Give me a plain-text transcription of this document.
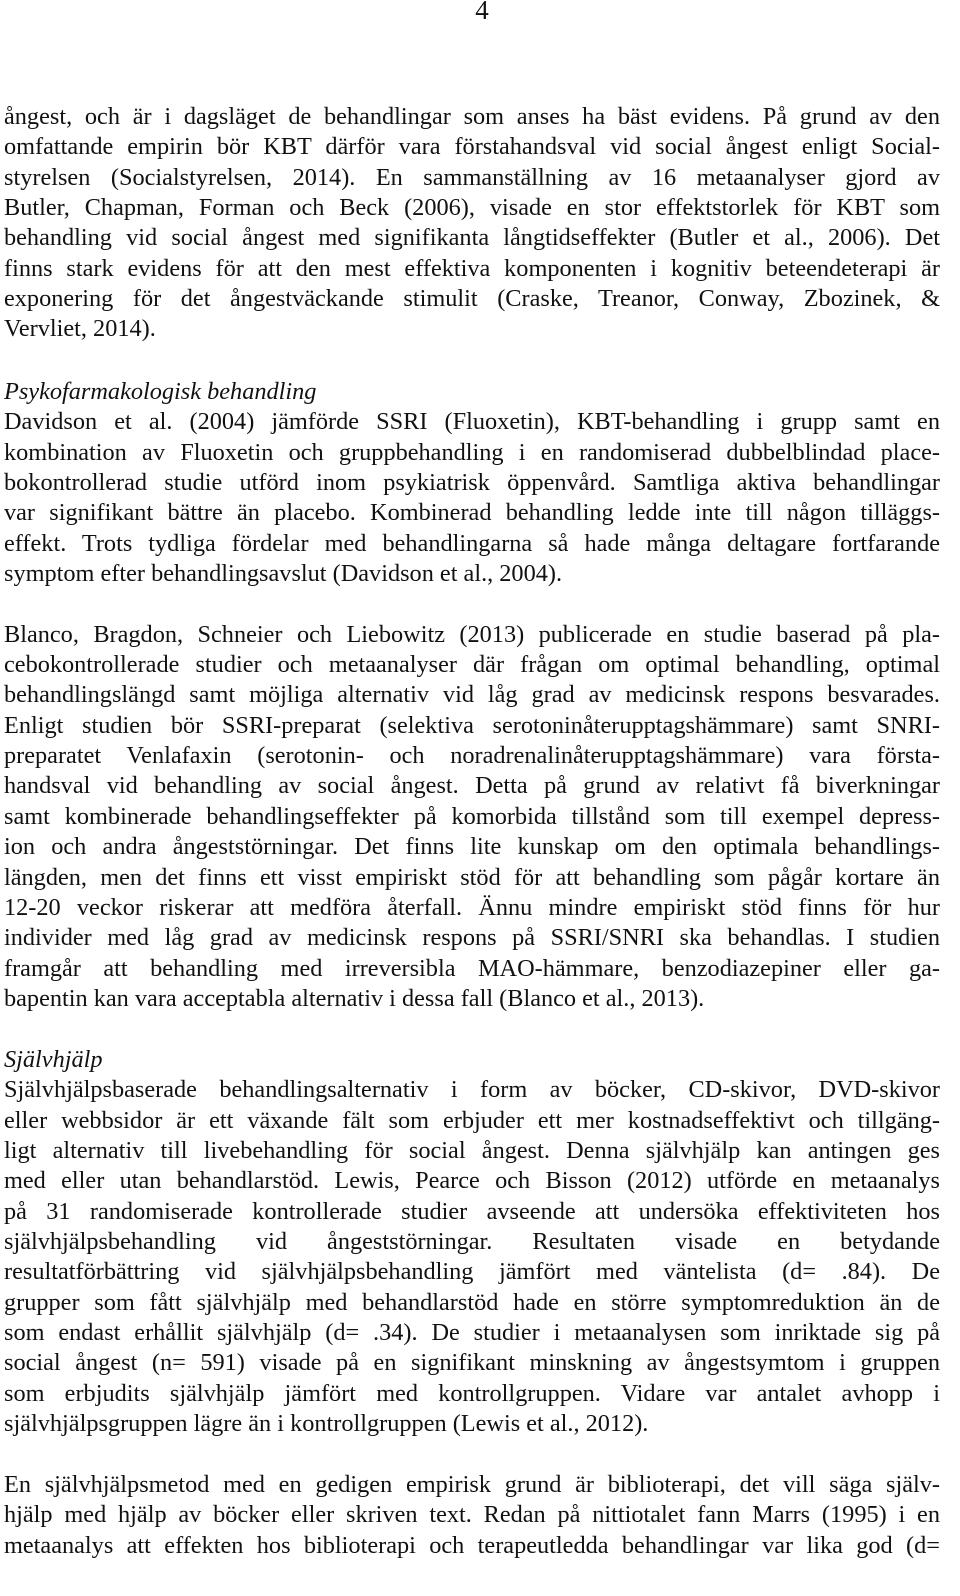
4
ångest, och är i dagsläget de behandlingar som anses ha bäst evidens. På grund av den
omfattande empirin bör KBT därför vara förstahandsval vid social ångest enligt Social-
styrelsen (Socialstyrelsen, 2014). En sammanställning av 16 metaanalyser gjord av
Butler, Chapman, Forman och Beck (2006), visade en stor effektstorlek för KBT som
behandling vid social ångest med signifikanta långtidseffekter (Butler et al., 2006). Det
finns stark evidens för att den mest effektiva komponenten i kognitiv beteendeterapi är
exponering för det ångestväckande stimulit (Craske, Treanor, Conway, Zbozinek, &
Vervliet, 2014).
Psykofarmakologisk behandling
Davidson et al. (2004) jämförde SSRI (Fluoxetin), KBT-behandling i grupp samt en
kombination av Fluoxetin och gruppbehandling i en randomiserad dubbelblindad place-
bokontrollerad studie utförd inom psykiatrisk öppenvård. Samtliga aktiva behandlingar
var signifikant bättre än placebo. Kombinerad behandling ledde inte till någon tilläggs-
effekt. Trots tydliga fördelar med behandlingarna så hade många deltagare fortfarande
symptom efter behandlingsavslut (Davidson et al., 2004).
Blanco, Bragdon, Schneier och Liebowitz (2013) publicerade en studie baserad på pla-
cebokontrollerade studier och metaanalyser där frågan om optimal behandling, optimal
behandlingslängd samt möjliga alternativ vid låg grad av medicinsk respons besvarades.
Enligt studien bör SSRI-preparat (selektiva serotoninåterupptagshämmare) samt SNRI-
preparatet Venlafaxin (serotonin- och noradrenalinåterupptagshämmare) vara första-
handsval vid behandling av social ångest. Detta på grund av relativt få biverkningar
samt kombinerade behandlingseffekter på komorbida tillstånd som till exempel depress-
ion och andra ångeststörningar. Det finns lite kunskap om den optimala behandlings-
längden, men det finns ett visst empiriskt stöd för att behandling som pågår kortare än
12-20 veckor riskerar att medföra återfall. Ännu mindre empiriskt stöd finns för hur
individer med låg grad av medicinsk respons på SSRI/SNRI ska behandlas. I studien
framgår att behandling med irreversibla MAO-hämmare, benzodiazepiner eller ga-
bapentin kan vara acceptabla alternativ i dessa fall (Blanco et al., 2013).
Självhjälp
Självhjälpsbaserade behandlingsalternativ i form av böcker, CD-skivor, DVD-skivor
eller webbsidor är ett växande fält som erbjuder ett mer kostnadseffektivt och tillgäng-
ligt alternativ till livebehandling för social ångest. Denna självhjälp kan antingen ges
med eller utan behandlarstöd. Lewis, Pearce och Bisson (2012) utförde en metaanalys
på 31 randomiserade kontrollerade studier avseende att undersöka effektiviteten hos
självhjälpsbehandling vid ångeststörningar. Resultaten visade en betydande
resultatförbättring vid självhjälpsbehandling jämfört med väntelista (d= .84). De
grupper som fått självhjälp med behandlarstöd hade en större symptomreduktion än de
som endast erhållit självhjälp (d= .34). De studier i metaanalysen som inriktade sig på
social ångest (n= 591) visade på en signifikant minskning av ångestsymtom i gruppen
som erbjudits självhjälp jämfört med kontrollgruppen. Vidare var antalet avhopp i
självhjälpsgruppen lägre än i kontrollgruppen (Lewis et al., 2012).
En självhjälpsmetod med en gedigen empirisk grund är biblioterapi, det vill säga själv-
hjälp med hjälp av böcker eller skriven text. Redan på nittiotalet fann Marrs (1995) i en
metaanalys att effekten hos biblioterapi och terapeutledda behandlingar var lika god (d=
